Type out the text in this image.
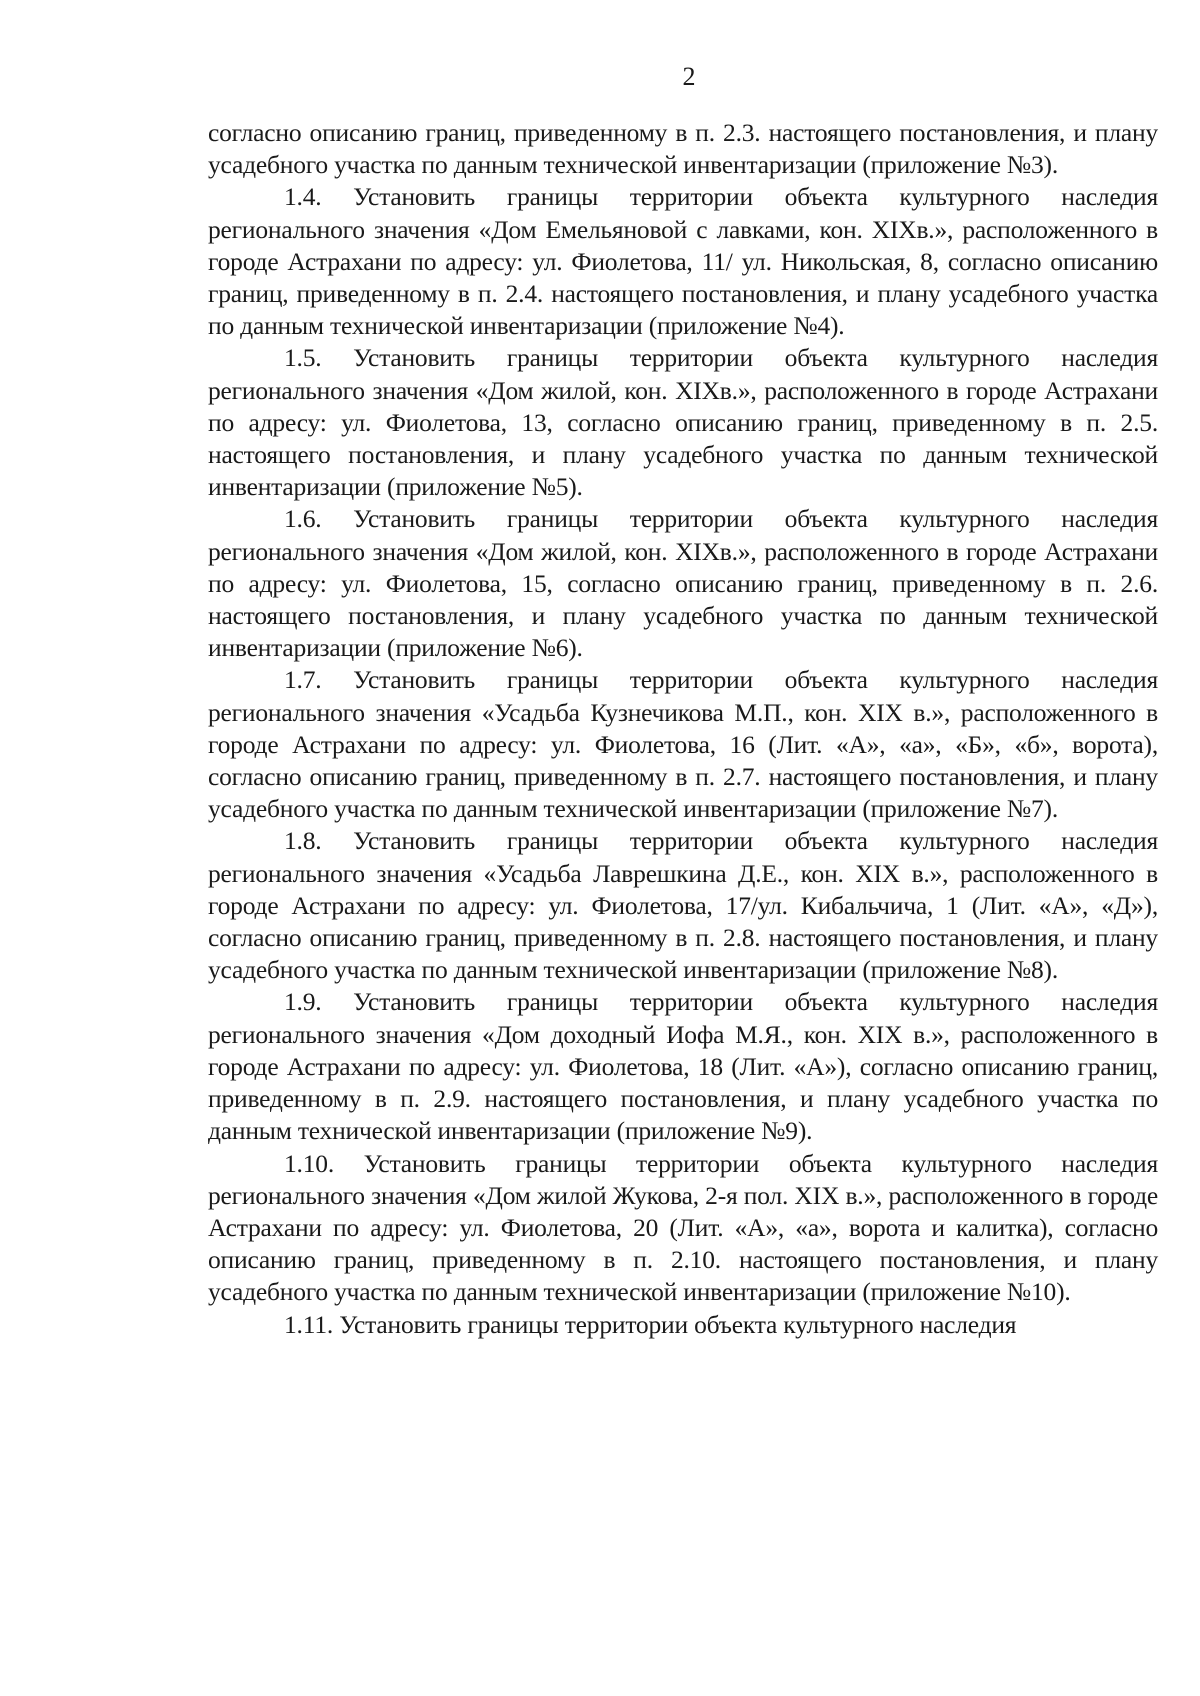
2

согласно описанию границ, приведенному в п. 2.3. настоящего постановления, и плану усадебного участка по данным технической инвентаризации (приложение №3).

1.4. Установить границы территории объекта культурного наследия регионального значения «Дом Емельяновой с лавками, кон. XIXв.», расположенного в городе Астрахани по адресу: ул. Фиолетова, 11/ ул. Никольская, 8, согласно описанию границ, приведенному в п. 2.4. настоящего постановления, и плану усадебного участка по данным технической инвентаризации (приложение №4).

1.5. Установить границы территории объекта культурного наследия регионального значения «Дом жилой, кон. XIXв.», расположенного в городе Астрахани по адресу: ул. Фиолетова, 13, согласно описанию границ, приведенному в п. 2.5. настоящего постановления, и плану усадебного участка по данным технической инвентаризации (приложение №5).

1.6. Установить границы территории объекта культурного наследия регионального значения «Дом жилой, кон. XIXв.», расположенного в городе Астрахани по адресу: ул. Фиолетова, 15, согласно описанию границ, приведенному в п. 2.6. настоящего постановления, и плану усадебного участка по данным технической инвентаризации (приложение №6).

1.7. Установить границы территории объекта культурного наследия регионального значения «Усадьба Кузнечикова М.П., кон. XIX в.», расположенного в городе Астрахани по адресу: ул. Фиолетова, 16 (Лит. «А», «а», «Б», «б», ворота), согласно описанию границ, приведенному в п. 2.7. настоящего постановления, и плану усадебного участка по данным технической инвентаризации (приложение №7).

1.8. Установить границы территории объекта культурного наследия регионального значения «Усадьба Лаврешкина Д.Е., кон. XIX в.», расположенного в городе Астрахани по адресу: ул. Фиолетова, 17/ул. Кибальчича, 1 (Лит. «А», «Д»), согласно описанию границ, приведенному в п. 2.8. настоящего постановления, и плану усадебного участка по данным технической инвентаризации (приложение №8).

1.9. Установить границы территории объекта культурного наследия регионального значения «Дом доходный Иофа М.Я., кон. XIX в.», расположенного в городе Астрахани по адресу: ул. Фиолетова, 18 (Лит. «А»), согласно описанию границ, приведенному в п. 2.9. настоящего постановления, и плану усадебного участка по данным технической инвентаризации (приложение №9).

1.10. Установить границы территории объекта культурного наследия регионального значения «Дом жилой Жукова, 2-я пол. XIX в.», расположенного в городе Астрахани по адресу: ул. Фиолетова, 20 (Лит. «А», «а», ворота и калитка), согласно описанию границ, приведенному в п. 2.10. настоящего постановления, и плану усадебного участка по данным технической инвентаризации (приложение №10).

1.11. Установить границы территории объекта культурного наследия
